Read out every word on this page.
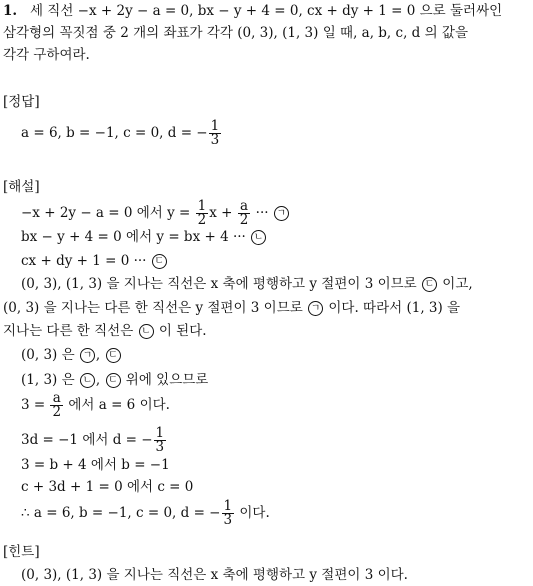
1. 세 직선 −x + 2y − a = 0, bx − y + 4 = 0, cx + dy + 1 = 0 으로 둘러싸인
삼각형의 꼭짓점 중 2 개의 좌표가 각각 (0, 3), (1, 3) 일 때, a, b, c, d 의 값을
각각 구하여라.
[정답]
a = 6, b = −1, c = 0, d = − $\frac{1}{3}$
[해설]
−x + 2y − a = 0 에서 $y = \frac{1}{2}$ $x + \frac{a}{2}$ ··· ㄱ
bx − y + 4 = 0 에서 y = bx + 4 ··· ㄴ
cx + dy + 1 = 0 ··· ㄷ
(0, 3), (1, 3) 을 지나는 직선은 x 축에 평행하고 y 절편이 3 이므로 ㄷ 이고,
(0, 3) 을 지나는 다른 한 직선은 y 절편이 3 이므로 ㄱ 이다. 따라서 (1, 3) 을
지나는 다른 한 직선은 ㄴ 이 된다.
(0, 3) 은 ㄱ , ㄷ
(1, 3) 은 ㄴ , ㄷ 위에 있으므로
$3 = \frac{a}{2}$ 에서 a = 6 이다.
3d = −1 에서 d = − $\frac{1}{3}$
3 = b + 4 에서 b = −1
c + 3d + 1 = 0 에서 c = 0
∴ a = 6, b = −1, c = 0, d = − $\frac{1}{3}$ 이다.
[힌트]
(0, 3), (1, 3) 을 지나는 직선은 x 축에 평행하고 y 절편이 3 이다.
